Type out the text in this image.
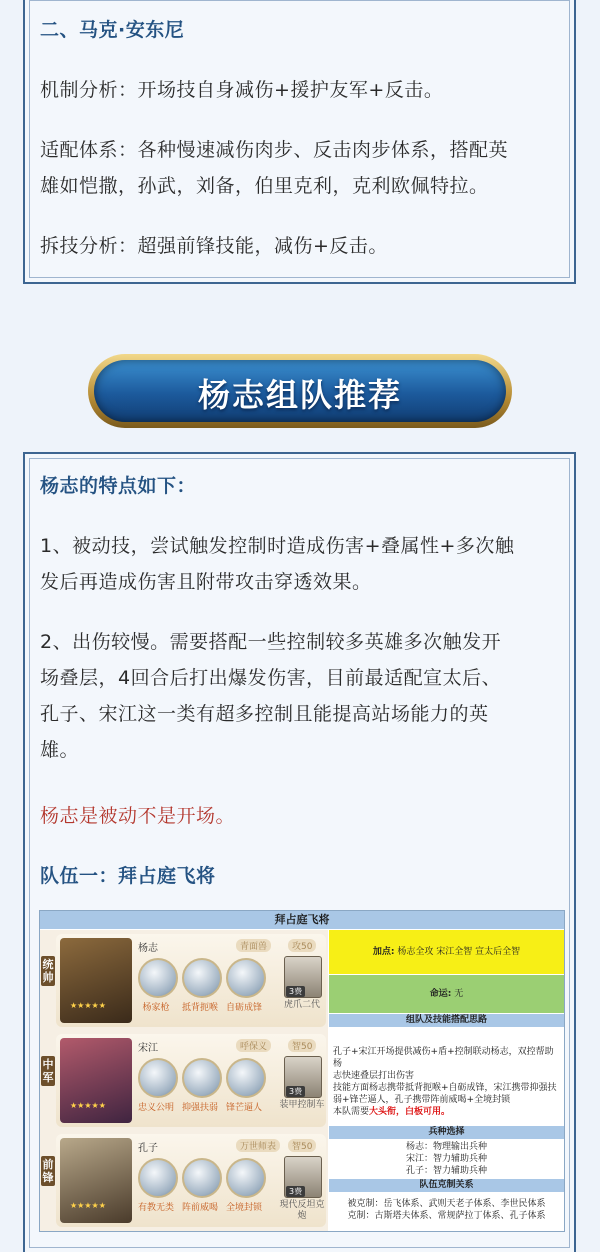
二、马克·安东尼

机制分析：开场技自身减伤+援护友军+反击。

适配体系：各种慢速减伤肉步、反击肉步体系，搭配英

雄如恺撒，孙武，刘备，伯里克利，克利欧佩特拉。

拆技分析：超强前锋技能，减伤+反击。

杨志组队推荐

杨志的特点如下：

1、被动技，尝试触发控制时造成伤害+叠属性+多次触

发后再造成伤害且附带攻击穿透效果。

2、出伤较慢。需要搭配一些控制较多英雄多次触发开

场叠层，4回合后打出爆发伤害，目前最适配宣太后、

孔子、宋江这一类有超多控制且能提高站场能力的英

雄。

杨志是被动不是开场。

队伍一：拜占庭飞将

拜占庭飞将
统帅
★★★★★
杨志	青面兽	攻50
3费
杨家枪	抵背扼喉 自砺成锋	虎爪二代
中军
★★★★★
宋江	呼保义	智50
3费
忠义公明 抑强扶弱 锋芒逼人	装甲控制车
前锋
★★★★★
孔子	万世师表	智50
3费
有教无类 阵前威喝 全境封锁	現代反坦克炮
加点: 杨志全攻 宋江全智 宣太后全智
命运: 无
组队及技能搭配思路
孔子+宋江开场提供减伤+盾+控制联动杨志，双控帮助杨
志快速叠层打出伤害
技能方面杨志携带抵背扼喉+自砺成锋，宋江携带抑强扶
弱+锋芒逼人，孔子携带阵前威喝+全境封锁
本队需要大头衔，白板可用。
兵种选择
杨志：物理输出兵种
宋江：智力辅助兵种
孔子：智力辅助兵种
队伍克制关系
被克制：岳飞体系、武则天老子体系、李世民体系
克制：古斯塔夫体系、常规萨拉丁体系、孔子体系
